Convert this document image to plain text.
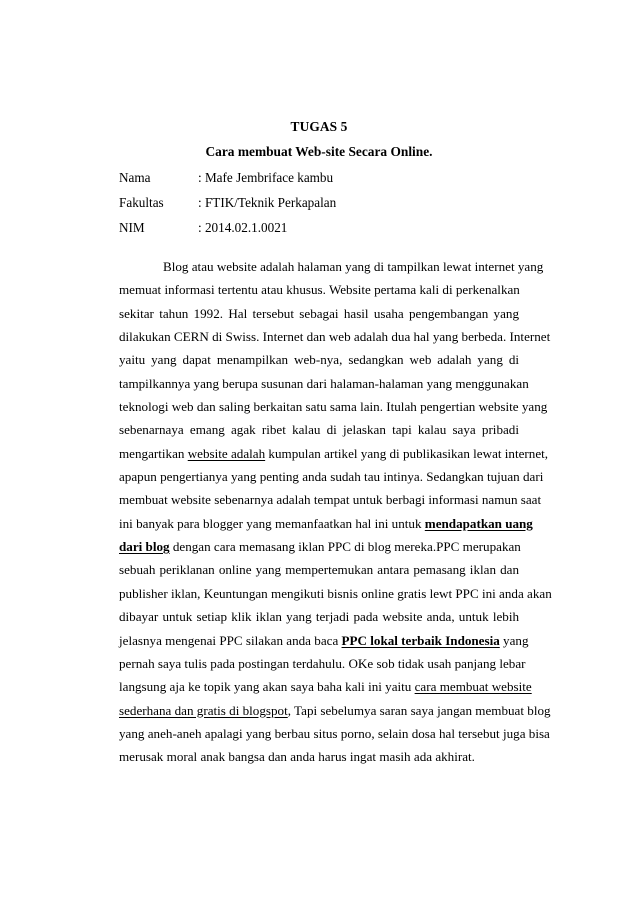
TUGAS 5
Cara membuat Web-site Secara Online.
Nama	: Mafe Jembriface kambu
Fakultas	: FTIK/Teknik Perkapalan
NIM	: 2014.02.1.0021
Blog atau website adalah halaman yang di tampilkan lewat internet yang
memuat informasi tertentu atau khusus. Website pertama kali di perkenalkan
sekitar tahun 1992. Hal tersebut sebagai hasil usaha pengembangan yang
dilakukan CERN di Swiss. Internet dan web adalah dua hal yang berbeda. Internet
yaitu yang dapat menampilkan web-nya, sedangkan web adalah yang di
tampilkannya yang berupa susunan dari halaman-halaman yang menggunakan
teknologi web dan saling berkaitan satu sama lain. Itulah pengertian website yang
sebenarnaya emang agak ribet kalau di jelaskan tapi kalau saya pribadi
mengartikan website adalah kumpulan artikel yang di publikasikan lewat internet,
apapun pengertianya yang penting anda sudah tau intinya. Sedangkan tujuan dari
membuat website sebenarnya adalah tempat untuk berbagi informasi namun saat
ini banyak para blogger yang memanfaatkan hal ini untuk mendapatkan uang
dari blog dengan cara memasang iklan PPC di blog mereka.PPC merupakan
sebuah periklanan online yang mempertemukan antara pemasang iklan dan
publisher iklan, Keuntungan mengikuti bisnis online gratis lewt PPC ini anda akan
dibayar untuk setiap klik iklan yang terjadi pada website anda, untuk lebih
jelasnya mengenai PPC silakan anda baca PPC lokal terbaik Indonesia yang
pernah saya tulis pada postingan terdahulu. OKe sob tidak usah panjang lebar
langsung aja ke topik yang akan saya baha kali ini yaitu cara membuat website
sederhana dan gratis di blogspot, Tapi sebelumya saran saya jangan membuat blog
yang aneh-aneh apalagi yang berbau situs porno, selain dosa hal tersebut juga bisa
merusak moral anak bangsa dan anda harus ingat masih ada akhirat.
